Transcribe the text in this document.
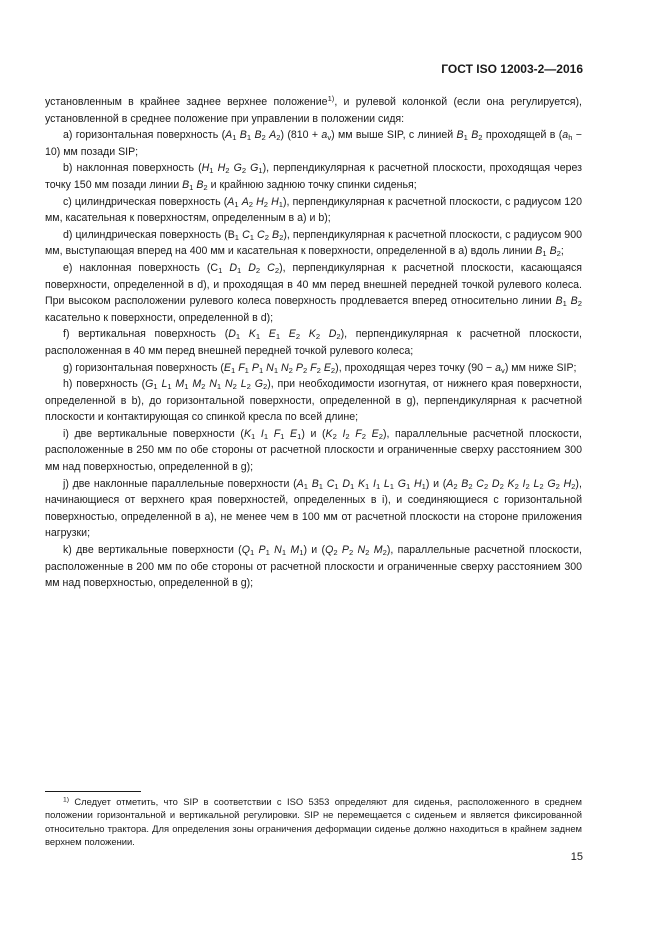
ГОСТ ISO 12003-2—2016

установленным в крайнее заднее верхнее положение$^{1)}$, и рулевой колонкой (если она регулируется), установленной в среднее положение при управлении в положении сидя:

a) горизонтальная поверхность ($A_1$ $B_1$ $B_2$ $A_2$) $(810 + a_v)$ мм выше SIP, с линией $B_1$ $B_2$ проходящей в $(a_h - 10)$ мм позади SIP;

b) наклонная поверхность ($H_1$ $H_2$ $G_2$ $G_1$), перпендикулярная к расчетной плоскости, проходящая через точку 150 мм позади линии $B_1$ $B_2$ и крайнюю заднюю точку спинки сиденья;

c) цилиндрическая поверхность ($A_1$ $A_2$ $H_2$ $H_1$), перпендикулярная к расчетной плоскости, с радиусом 120 мм, касательная к поверхностям, определенным в a) и b);

d) цилиндрическая поверхность ($B_1$ $C_1$ $C_2$ $B_2$), перпендикулярная к расчетной плоскости, с радиусом 900 мм, выступающая вперед на 400 мм и касательная к поверхности, определенной в a) вдоль линии $B_1$ $B_2$;

e) наклонная поверхность ($C_1$ $D_1$ $D_2$ $C_2$), перпендикулярная к расчетной плоскости, касающаяся поверхности, определенной в d), и проходящая в 40 мм перед внешней передней точкой рулевого колеса. При высоком расположении рулевого колеса поверхность продлевается вперед относительно линии $B_1$ $B_2$ касательно к поверхности, определенной в d);

f) вертикальная поверхность ($D_1$ $K_1$ $E_1$ $E_2$ $K_2$ $D_2$), перпендикулярная к расчетной плоскости, расположенная в 40 мм перед внешней передней точкой рулевого колеса;

g) горизонтальная поверхность ($E_1$ $F_1$ $P_1$ $N_1$ $N_2$ $P_2$ $F_2$ $E_2$), проходящая через точку $(90 - a_v)$ мм ниже SIP;

h) поверхность ($G_1$ $L_1$ $M_1$ $M_2$ $N_1$ $N_2$ $L_2$ $G_2$), при необходимости изогнутая, от нижнего края поверхности, определенной в b), до горизонтальной поверхности, определенной в g), перпендикулярная к расчетной плоскости и контактирующая со спинкой кресла по всей длине;

i) две вертикальные поверхности ($K_1$ $I_1$ $F_1$ $E_1$) и ($K_2$ $I_2$ $F_2$ $E_2$), параллельные расчетной плоскости, расположенные в 250 мм по обе стороны от расчетной плоскости и ограниченные сверху расстоянием 300 мм над поверхностью, определенной в g);

j) две наклонные параллельные поверхности ($A_1$ $B_1$ $C_1$ $D_1$ $K_1$ $I_1$ $L_1$ $G_1$ $H_1$) и ($A_2$ $B_2$ $C_2$ $D_2$ $K_2$ $I_2$ $L_2$ $G_2$ $H_2$), начинающиеся от верхнего края поверхностей, определенных в i), и соединяющиеся с горизонтальной поверхностью, определенной в a), не менее чем в 100 мм от расчетной плоскости на стороне приложения нагрузки;

k) две вертикальные поверхности ($Q_1$ $P_1$ $N_1$ $M_1$) и ($Q_2$ $P_2$ $N_2$ $M_2$), параллельные расчетной плоскости, расположенные в 200 мм по обе стороны от расчетной плоскости и ограниченные сверху расстоянием 300 мм над поверхностью, определенной в g);

$^{1)}$ Следует отметить, что SIP в соответствии с ISO 5353 определяют для сиденья, расположенного в среднем положении горизонтальной и вертикальной регулировки. SIP не перемещается с сиденьем и является фиксированной относительно трактора. Для определения зоны ограничения деформации сиденье должно находиться в крайнем заднем верхнем положении.
15
